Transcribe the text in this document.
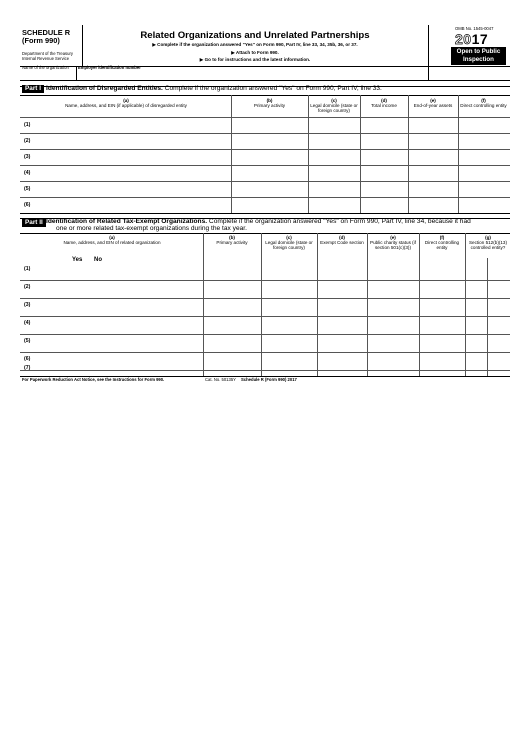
SCHEDULE R
(Form 990)
Department of the Treasury
Internal Revenue Service
Related Organizations and Unrelated Partnerships
▶ Complete if the organization answered "Yes" on Form 990, Part IV, line 33, 34, 35b, 36, or 37.
▶ Attach to Form 990.
▶ Go to for instructions and the latest information.
OMB No. 1545-0047
2017
Open to Public
Inspection
Name of the organization Employer identification number
Part I Identification of Disregarded Entities. Complete if the organization answered "Yes" on Form 990, Part IV, line 33.
(a)
Name, address, and EIN (if applicable) of disregarded entity
(b)
Primary activity
(c)
Legal domicile (state or foreign country)
(d)
Total income
(e)
End-of-year assets
(f)
Direct controlling entity
(1)
(2)
(3)
(4)
(5)
(6)
Part II Identification of Related Tax-Exempt Organizations. Complete if the organization answered "Yes" on Form 990, Part IV, line 34, because it had
one or more related tax-exempt organizations during the tax year.
(a)
Name, address, and EIN of related organization
(b)
Primary activity
(c)
Legal domicile (state or foreign country)
(d)
Exempt Code section
(e)
Public charity status (if section 501(c)(3))
(f)
Direct controlling entity
(g)
Section 512(b)(13) controlled entity?
Yes No
(1)
(2)
(3)
(4)
(5)
(6)
(7)
For Paperwork Reduction Act Notice, see the Instructions for Form 990.	Cat. No. 50135Y Schedule R (Form 990) 2017
